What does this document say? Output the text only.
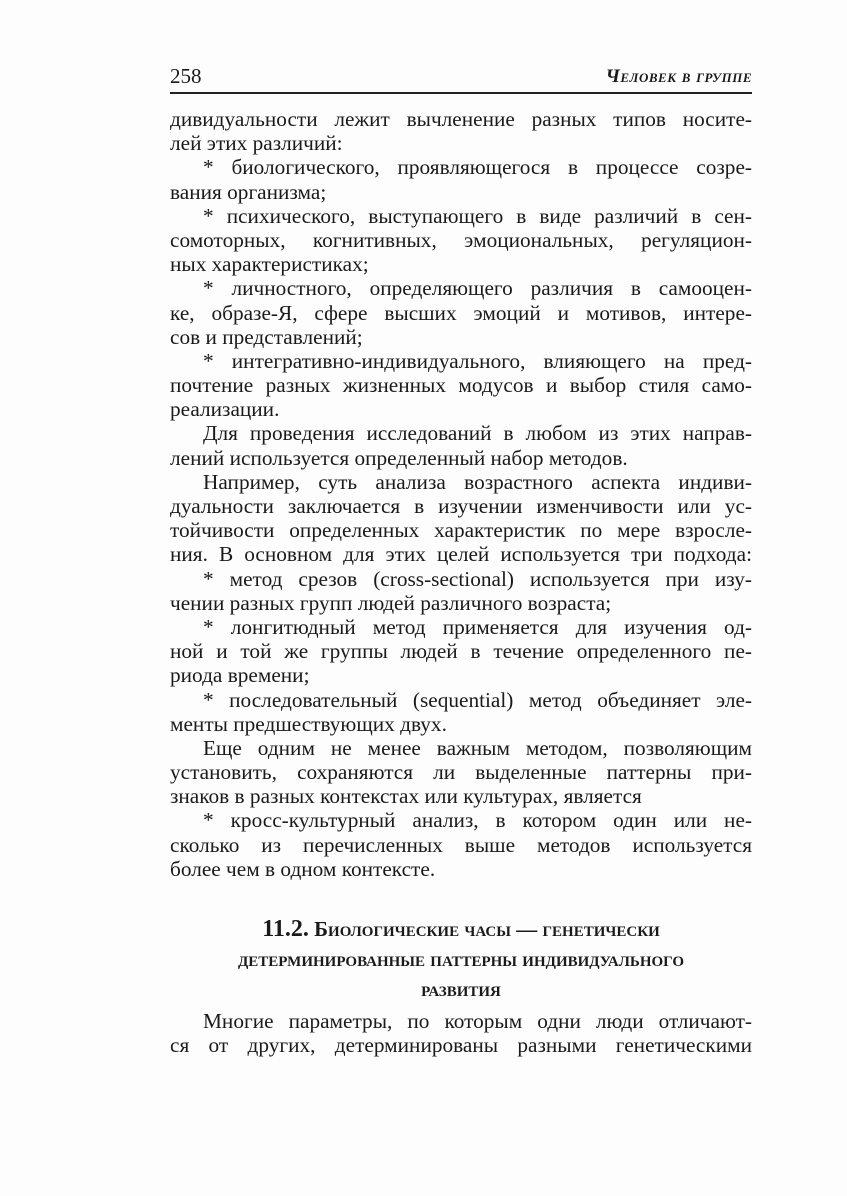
258	Человек в группе
дивидуальности лежит вычленение разных типов носите-
лей этих различий:
* биологического, проявляющегося в процессе созре-
вания организма;
* психического, выступающего в виде различий в сен-
сомоторных, когнитивных, эмоциональных, регуляцион-
ных характеристиках;
* личностного, определяющего различия в самооцен-
ке, образе-Я, сфере высших эмоций и мотивов, интере-
сов и представлений;
* интегративно-индивидуального, влияющего на пред-
почтение разных жизненных модусов и выбор стиля само-
реализации.
Для проведения исследований в любом из этих направ-
лений используется определенный набор методов.
Например, суть анализа возрастного аспекта индиви-
дуальности заключается в изучении изменчивости или ус-
тойчивости определенных характеристик по мере взросле-
ния. В основном для этих целей используется три подхода:
* метод срезов (cross-sectional) используется при изу-
чении разных групп людей различного возраста;
* лонгитюдный метод применяется для изучения од-
ной и той же группы людей в течение определенного пе-
риода времени;
* последовательный (sequential) метод объединяет эле-
менты предшествующих двух.
Еще одним не менее важным методом, позволяющим
установить, сохраняются ли выделенные паттерны при-
знаков в разных контекстах или культурах, является
* кросс-культурный анализ, в котором один или не-
сколько из перечисленных выше методов используется
более чем в одном контексте.
11.2. Биологические часы — генетически
детерминированные паттерны индивидуального
развития
Многие параметры, по которым одни люди отличают-
ся от других, детерминированы разными генетическими
